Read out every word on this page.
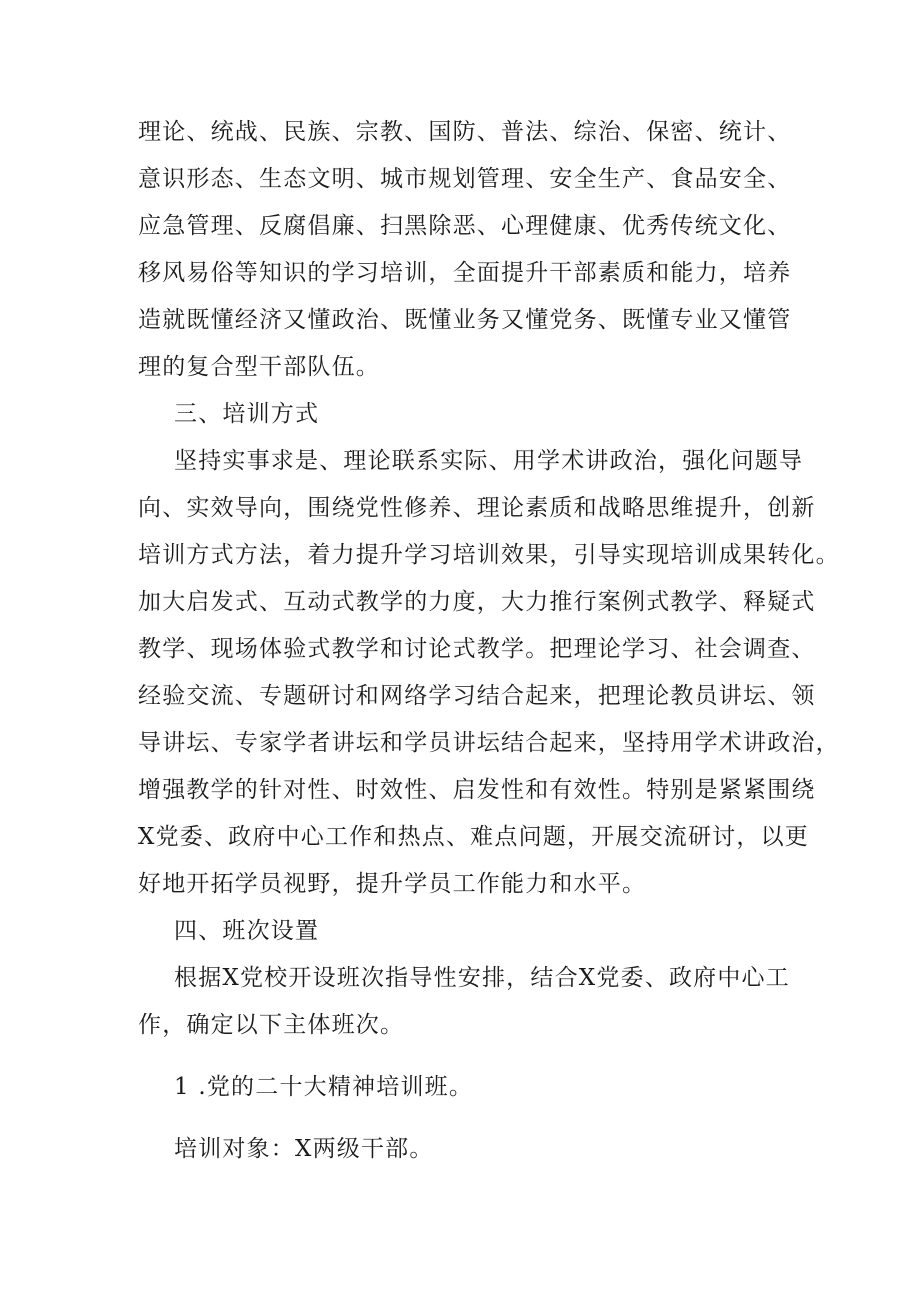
理论、统战、民族、宗教、国防、普法、综治、保密、统计、
意识形态、生态文明、城市规划管理、安全生产、食品安全、
应急管理、反腐倡廉、扫黑除恶、心理健康、优秀传统文化、
移风易俗等知识的学习培训，全面提升干部素质和能力，培养
造就既懂经济又懂政治、既懂业务又懂党务、既懂专业又懂管
理的复合型干部队伍。
三、培训方式
坚持实事求是、理论联系实际、用学术讲政治，强化问题导
向、实效导向，围绕党性修养、理论素质和战略思维提升，创新
培训方式方法，着力提升学习培训效果，引导实现培训成果转化。
加大启发式、互动式教学的力度，大力推行案例式教学、释疑式
教学、现场体验式教学和讨论式教学。把理论学习、社会调查、
经验交流、专题研讨和网络学习结合起来，把理论教员讲坛、领
导讲坛、专家学者讲坛和学员讲坛结合起来，坚持用学术讲政治，
增强教学的针对性、时效性、启发性和有效性。特别是紧紧围绕
X党委、政府中心工作和热点、难点问题，开展交流研讨，以更
好地开拓学员视野，提升学员工作能力和水平。
四、班次设置
根据X党校开设班次指导性安排，结合X党委、政府中心工
作，确定以下主体班次。
1 .党的二十大精神培训班。
培训对象：X两级干部。
